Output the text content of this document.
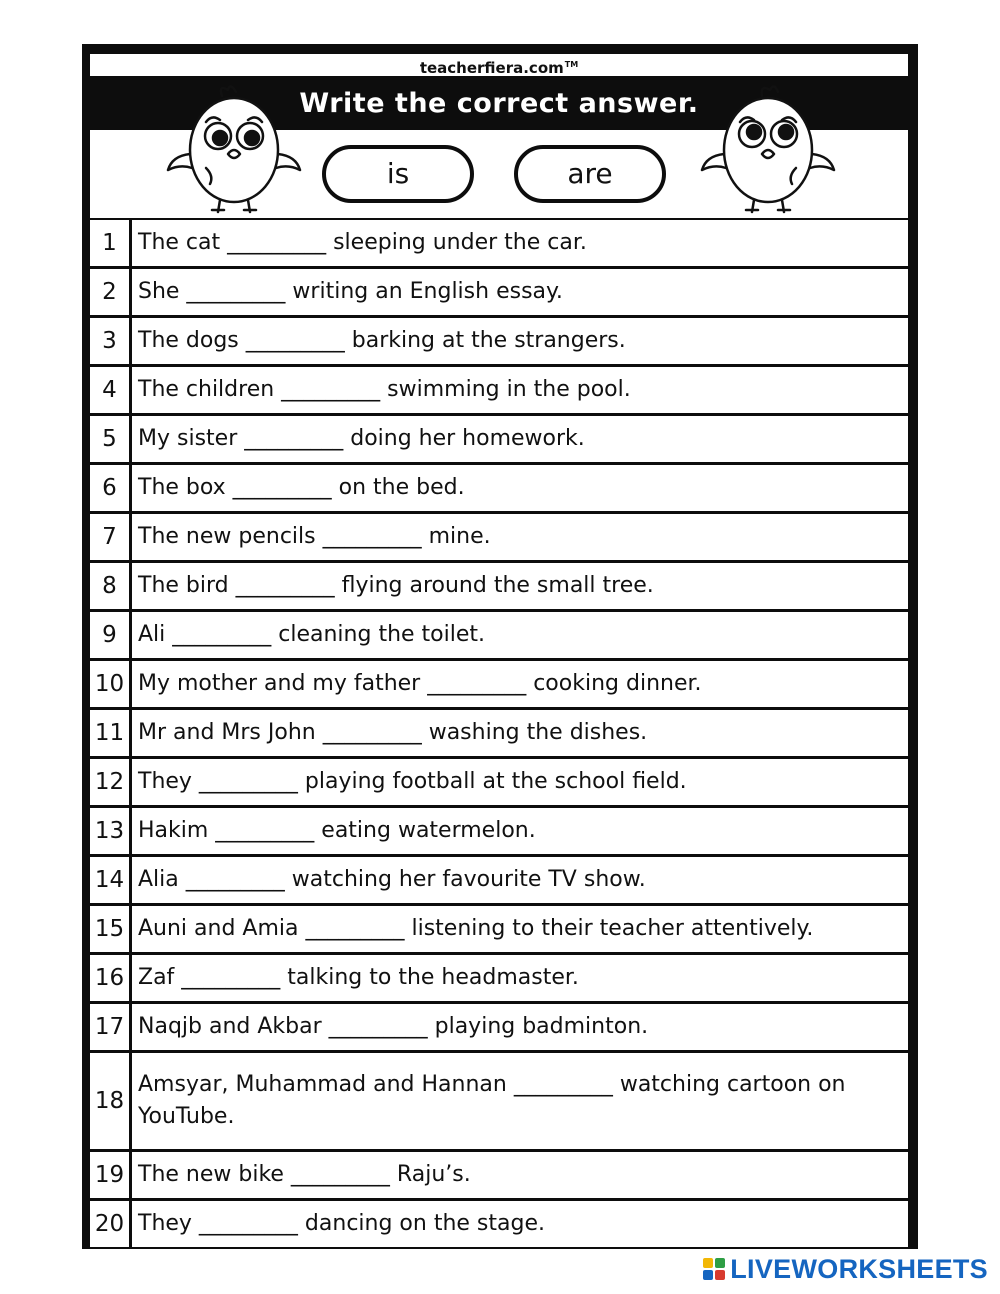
teacherfiera.com™
Write the correct answer.
is	are
1 The cat _________ sleeping under the car.
2 She _________ writing an English essay.
3 The dogs _________ barking at the strangers.
4 The children _________ swimming in the pool.
5 My sister _________ doing her homework.
6 The box _________ on the bed.
7 The new pencils _________ mine.
8 The bird _________ flying around the small tree.
9 Ali _________ cleaning the toilet.
10 My mother and my father _________ cooking dinner.
11 Mr and Mrs John _________ washing the dishes.
12 They _________ playing football at the school field.
13 Hakim _________ eating watermelon.
14 Alia _________ watching her favourite TV show.
15 Auni and Amia _________ listening to their teacher attentively.
16 Zaf _________ talking to the headmaster.
17 Naqjb and Akbar _________ playing badminton.
18
Amsyar, Muhammad and Hannan _________ watching cartoon on YouTube.
19 The new bike _________ Raju’s.
20 They _________ dancing on the stage.
LIVEWORKSHEETS
